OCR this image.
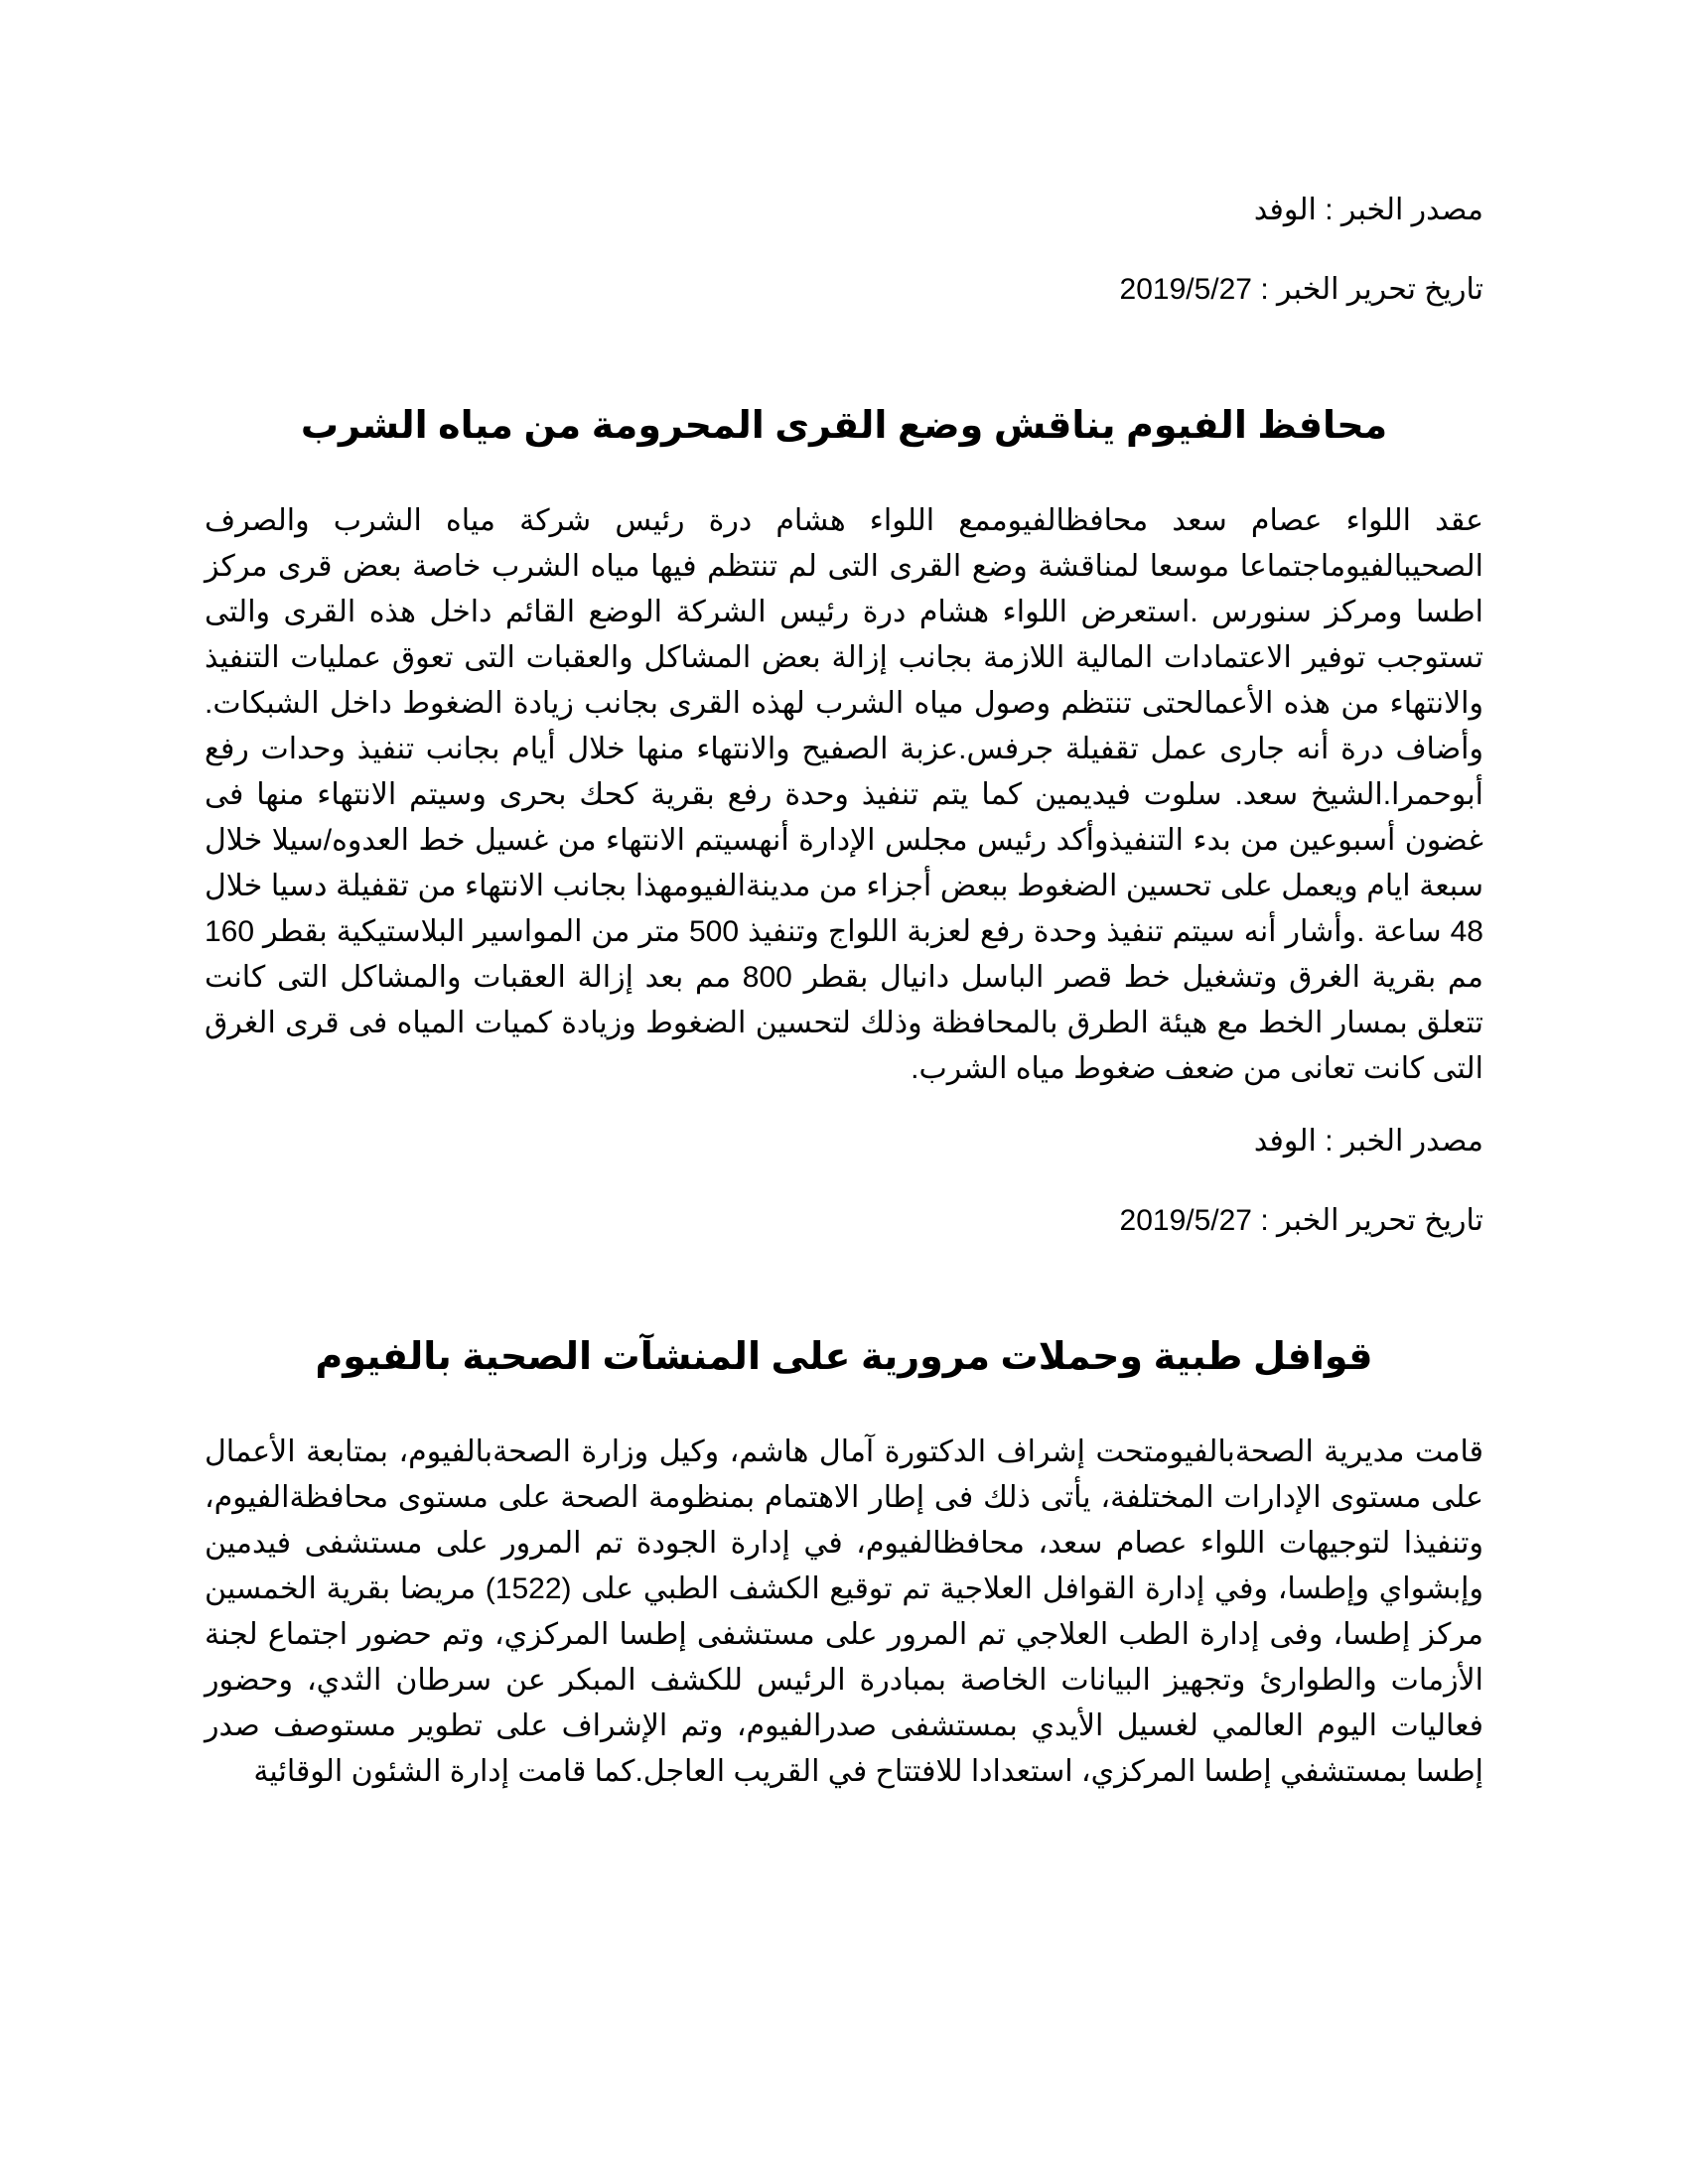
مصدر الخبر : الوفد

تاريخ تحرير الخبر : 2019/5/27

محافظ الفيوم يناقش وضع القرى المحرومة من مياه الشرب

عقد اللواء عصام سعد محافظالفيوممع اللواء هشام درة رئيس شركة مياه الشرب والصرف الصحيبالفيوماجتماعا موسعا لمناقشة وضع القرى التى لم تنتظم فيها مياه الشرب خاصة بعض قرى مركز اطسا ومركز سنورس .استعرض اللواء هشام درة رئيس الشركة الوضع القائم داخل هذه القرى والتى تستوجب توفير الاعتمادات المالية اللازمة بجانب إزالة بعض المشاكل والعقبات التى تعوق عمليات التنفيذ والانتهاء من هذه الأعمالحتى تنتظم وصول مياه الشرب لهذه القرى بجانب زيادة الضغوط داخل الشبكات. وأضاف درة أنه جارى عمل تقفيلة جرفس.عزبة الصفيح والانتهاء منها خلال أيام بجانب تنفيذ وحدات رفع أبوحمرا.الشيخ سعد. سلوت فيديمين كما يتم تنفيذ وحدة رفع بقرية كحك بحرى وسيتم الانتهاء منها فى غضون أسبوعين من بدء التنفيذوأكد رئيس مجلس الإدارة أنهسيتم الانتهاء من غسيل خط العدوه/سيلا خلال سبعة ايام ويعمل على تحسين الضغوط ببعض أجزاء من مدينةالفيومهذا بجانب الانتهاء من تقفيلة دسيا خلال 48 ساعة .وأشار أنه سيتم تنفيذ وحدة رفع لعزبة اللواج وتنفيذ 500 متر من المواسير البلاستيكية بقطر 160 مم بقرية الغرق وتشغيل خط قصر الباسل دانيال بقطر 800 مم بعد إزالة العقبات والمشاكل التى كانت تتعلق بمسار الخط مع هيئة الطرق بالمحافظة وذلك لتحسين الضغوط وزيادة كميات المياه فى قرى الغرق التى كانت تعانى من ضعف ضغوط مياه الشرب.

مصدر الخبر : الوفد

تاريخ تحرير الخبر : 2019/5/27

قوافل طبية وحملات مرورية على المنشآت الصحية بالفيوم

قامت مديرية الصحةبالفيومتحت إشراف الدكتورة آمال هاشم، وكيل وزارة الصحةبالفيوم، بمتابعة الأعمال على مستوى الإدارات المختلفة، يأتى ذلك فى إطار الاهتمام بمنظومة الصحة على مستوى محافظةالفيوم، وتنفيذا لتوجيهات اللواء عصام سعد، محافظالفيوم، في إدارة الجودة تم المرور على مستشفى فيدمين وإبشواي وإطسا، وفي إدارة القوافل العلاجية تم توقيع الكشف الطبي على (1522) مريضا بقرية الخمسين مركز إطسا، وفى إدارة الطب العلاجي تم المرور على مستشفى إطسا المركزي، وتم حضور اجتماع لجنة الأزمات والطوارئ وتجهيز البيانات الخاصة بمبادرة الرئيس للكشف المبكر عن سرطان الثدي، وحضور فعاليات اليوم العالمي لغسيل الأيدي بمستشفى صدرالفيوم، وتم الإشراف على تطوير مستوصف صدر إطسا بمستشفي إطسا المركزي، استعدادا للافتتاح في القريب العاجل.كما قامت إدارة الشئون الوقائية
